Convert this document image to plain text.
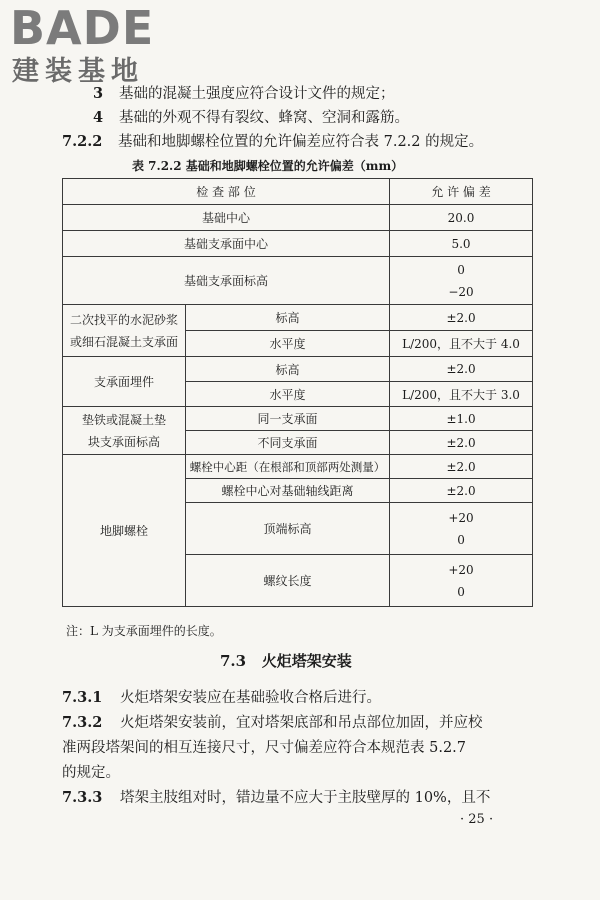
BADE
建装基地
3 基础的混凝土强度应符合设计文件的规定；
4 基础的外观不得有裂纹、蜂窝、空洞和露筋。
7.2.2 基础和地脚螺栓位置的允许偏差应符合表 7.2.2 的规定。
表 7.2.2 基础和地脚螺栓位置的允许偏差（mm）
检 查 部 位		允 许 偏 差
基础中心		20.0
基础支承面中心		5.0
基础支承面标高		0
−20

二次找平的水泥砂浆
或细石混凝土支承面	标高	±2.0
	水平度	L/200，且不大于 4.0
支承面埋件	标高	±2.0
	水平度	L/200，且不大于 3.0
垫铁或混凝土垫
块支承面标高	同一支承面	±1.0
	不同支承面	±2.0
地脚螺栓	螺栓中心距（在根部和顶部两处测量）	±2.0
	螺栓中心对基础轴线距离	±2.0
	顶端标高	+20
0

	螺纹长度	+20
0
注：L 为支承面埋件的长度。
7.3 火炬塔架安装
7.3.1 火炬塔架安装应在基础验收合格后进行。
7.3.2 火炬塔架安装前，宜对塔架底部和吊点部位加固，并应校
准两段塔架间的相互连接尺寸，尺寸偏差应符合本规范表 5.2.7
的规定。
7.3.3 塔架主肢组对时，错边量不应大于主肢壁厚的 10%，且不
· 25 ·
